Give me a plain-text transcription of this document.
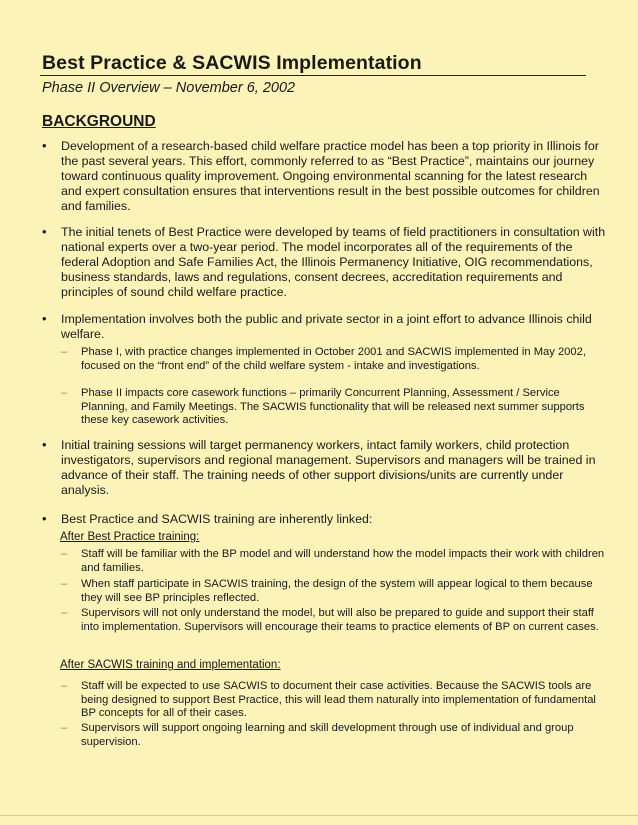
Best Practice & SACWIS Implementation
Phase II Overview – November 6, 2002
BACKGROUND
• Development of a research-based child welfare practice model has been a top priority in Illinois for the past several years. This effort, commonly referred to as “Best Practice”, maintains our journey toward continuous quality improvement. Ongoing environmental scanning for the latest research and expert consultation ensures that interventions result in the best possible outcomes for children and families.
• The initial tenets of Best Practice were developed by teams of field practitioners in consultation with national experts over a two-year period. The model incorporates all of the requirements of the federal Adoption and Safe Families Act, the Illinois Permanency Initiative, OIG recommendations, business standards, laws and regulations, consent decrees, accreditation requirements and principles of sound child welfare practice.
• Implementation involves both the public and private sector in a joint effort to advance Illinois child welfare.
– Phase I, with practice changes implemented in October 2001 and SACWIS implemented in May 2002, focused on the “front end” of the child welfare system - intake and investigations.
– Phase II impacts core casework functions – primarily Concurrent Planning, Assessment / Service Planning, and Family Meetings. The SACWIS functionality that will be released next summer supports these key casework activities.
• Initial training sessions will target permanency workers, intact family workers, child protection investigators, supervisors and regional management. Supervisors and managers will be trained in advance of their staff. The training needs of other support divisions/units are currently under analysis.
• Best Practice and SACWIS training are inherently linked:
After Best Practice training:
– Staff will be familiar with the BP model and will understand how the model impacts their work with children and families.
– When staff participate in SACWIS training, the design of the system will appear logical to them because they will see BP principles reflected.
– Supervisors will not only understand the model, but will also be prepared to guide and support their staff into implementation. Supervisors will encourage their teams to practice elements of BP on current cases.
After SACWIS training and implementation:
– Staff will be expected to use SACWIS to document their case activities. Because the SACWIS tools are being designed to support Best Practice, this will lead them naturally into implementation of fundamental BP concepts for all of their cases.
– Supervisors will support ongoing learning and skill development through use of individual and group supervision.
